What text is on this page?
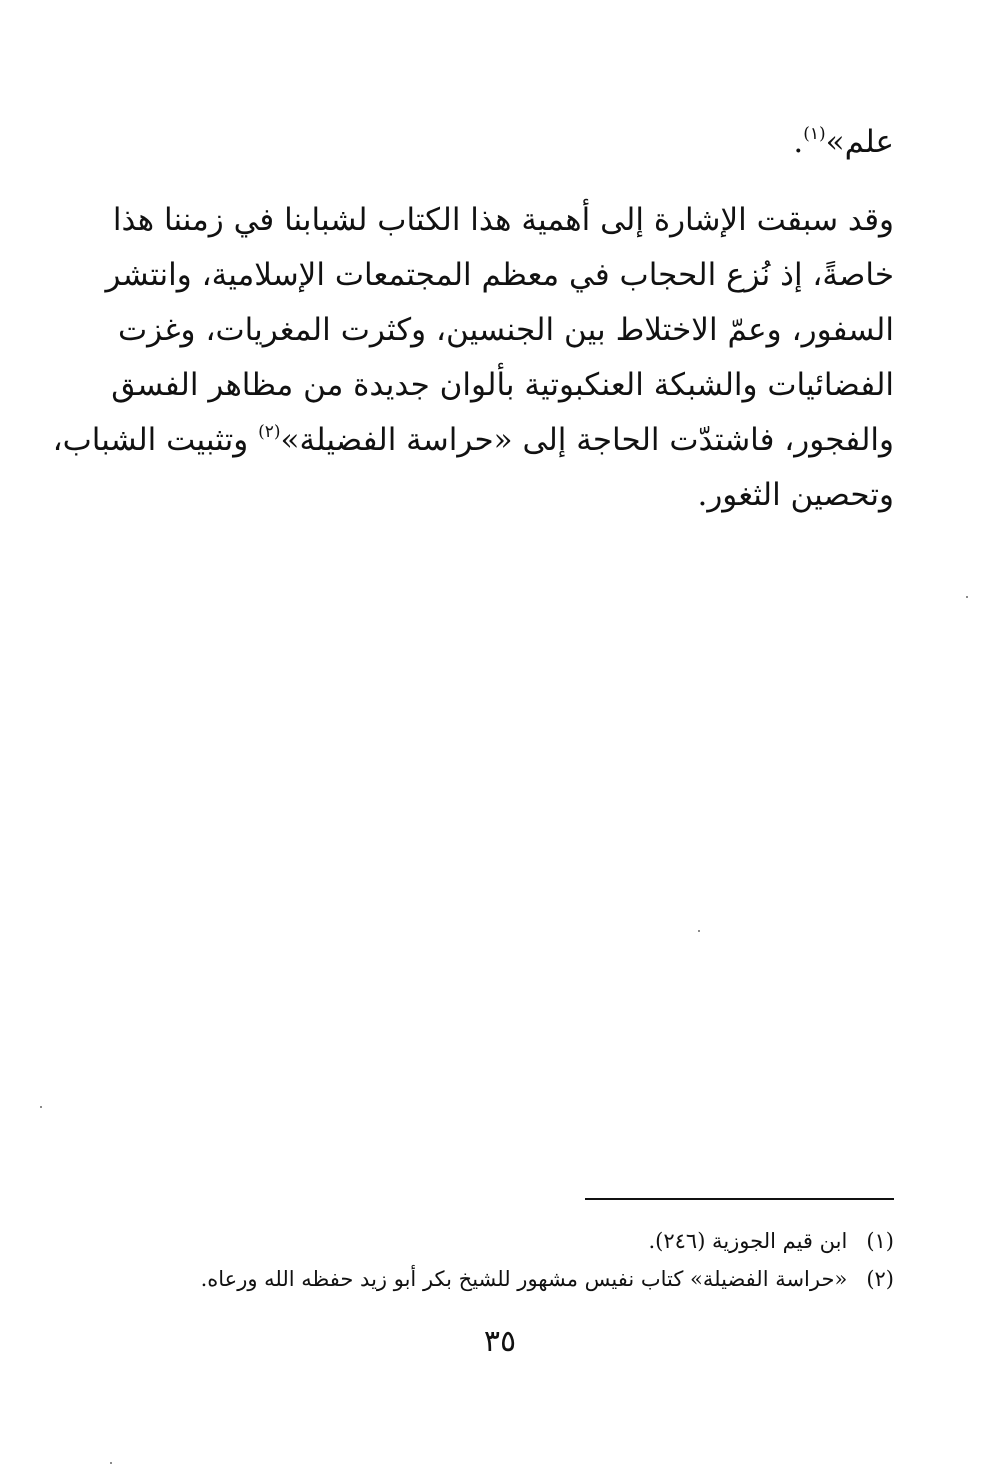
علم»$^{(١)}$.
وقد سبقت الإشارة إلى أهمية هذا الكتاب لشبابنا في زمننا هذا
خاصةً، إذ نُزع الحجاب في معظم المجتمعات الإسلامية، وانتشر
السفور، وعمّ الاختلاط بين الجنسين، وكثرت المغريات، وغزت
الفضائيات والشبكة العنكبوتية بألوان جديدة من مظاهر الفسق
والفجور، فاشتدّت الحاجة إلى «حراسة الفضيلة»$^{(٢)}$ وتثبيت الشباب،
وتحصين الثغور.
(١) ابن قيم الجوزية (٢٤٦).
(٢) «حراسة الفضيلة» كتاب نفيس مشهور للشيخ بكر أبو زيد حفظه الله ورعاه.
٣٥
